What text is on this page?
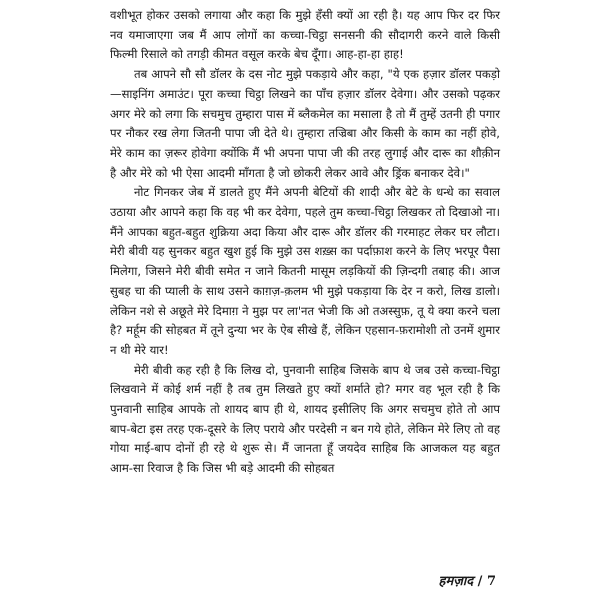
वशीभूत होकर उसको लगाया और कहा कि मुझे हँसी क्यों आ रही है। यह आप फिर दर फिर नव यमाजाएगा जब मैं आप लोगों का कच्चा-चिट्ठा सनसनी की सौदागरी करने वाले किसी फिल्मी रिसाले को तगड़ी कीमत वसूल करके बेच दूँगा। आह-हा-हा हाह!

तब आपने सौ सौ डॉलर के दस नोट मुझे पकड़ाये और कहा, "ये एक हज़ार डॉलर पकड़ो—साइनिंग अमाउंट। पूरा कच्चा चिट्ठा लिखने का पाँच हज़ार डॉलर देवेगा। और उसको पढ़कर अगर मेरे को लगा कि सचमुच तुम्हारा पास में ब्लैकमेल का मसाला है तो मैं तुम्हें उतनी ही पगार पर नौकर रख लेगा जितनी पापा जी देते थे। तुम्हारा तज्रिबा और किसी के काम का नहीं होवे, मेरे काम का ज़रूर होवेगा क्योंकि मैं भी अपना पापा जी की तरह लुगाई और दारू का शौक़ीन है और मेरे को भी ऐसा आदमी माँगता है जो छोकरी लेकर आवे और ड्रिंक बनाकर देवे।"

नोट गिनकर जेब में डालते हुए मैंने अपनी बेटियों की शादी और बेटे के धन्धे का सवाल उठाया और आपने कहा कि वह भी कर देवेगा, पहले तुम कच्चा-चिट्ठा लिखकर तो दिखाओ ना। मैंने आपका बहुत-बहुत शुक्रिया अदा किया और दारू और डॉलर की गरमाहट लेकर घर लौटा। मेरी बीवी यह सुनकर बहुत खुश हुई कि मुझे उस शख़्स का पर्दाफ़ाश करने के लिए भरपूर पैसा मिलेगा, जिसने मेरी बीवी समेत न जाने कितनी मासूम लड़कियों की ज़िन्दगी तबाह की। आज सुबह चा की प्याली के साथ उसने काग़ज़-क़लम भी मुझे पकड़ाया कि देर न करो, लिख डालो। लेकिन नशे से अछूते मेरे दिमाग़ ने मुझ पर ला'नत भेजी कि ओ तअस्सुफ़, तू ये क्या करने चला है? मर्हूम की सोहबत में तूने दुन्या भर के ऐब सीखे हैं, लेकिन एहसान-फ़रामोशी तो उनमें शुमार न थी मेरे यार!

मेरी बीवी कह रही है कि लिख दो, पुनवानी साहिब जिसके बाप थे जब उसे कच्चा-चिट्ठा लिखवाने में कोई शर्म नहीं है तब तुम लिखते हुए क्यों शर्माते हो? मगर वह भूल रही है कि पुनवानी साहिब आपके तो शायद बाप ही थे, शायद इसीलिए कि अगर सचमुच होते तो आप बाप-बेटा इस तरह एक-दूसरे के लिए पराये और परदेसी न बन गये होते, लेकिन मेरे लिए तो वह गोया माई-बाप दोनों ही रहे थे शुरू से। मैं जानता हूँ जयदेव साहिब कि आजकल यह बहुत आम-सा रिवाज है कि जिस भी बड़े आदमी की सोहबत

हमज़ाद / 7
